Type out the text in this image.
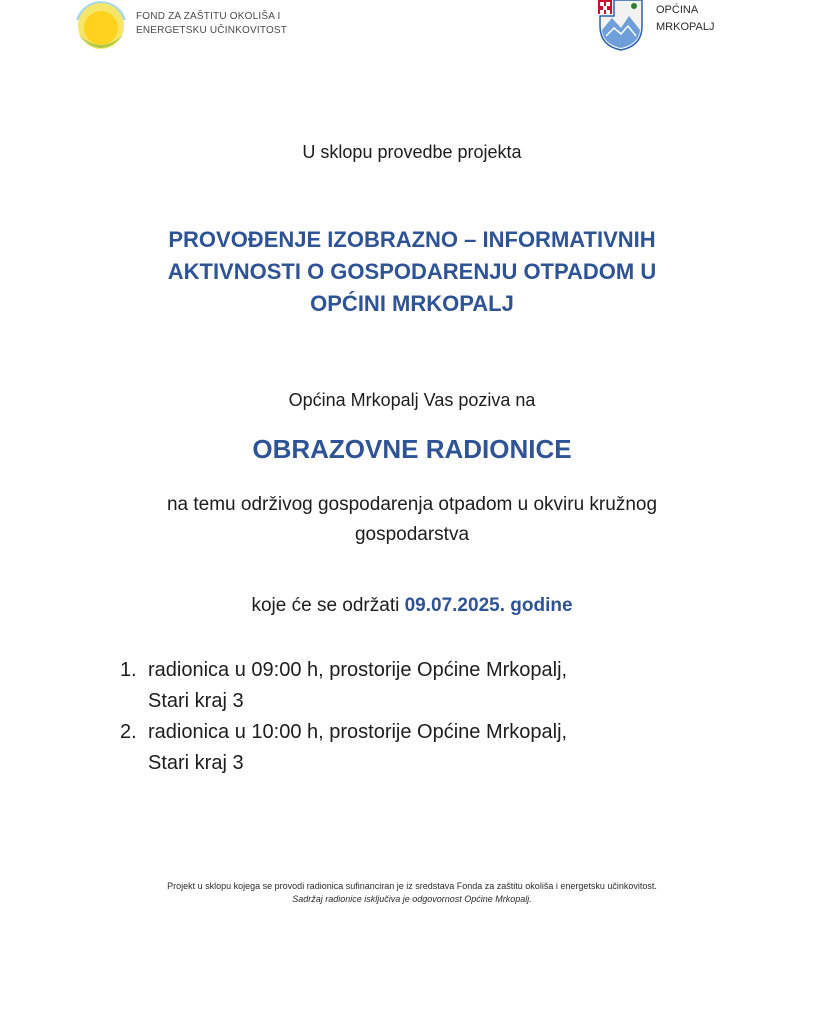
FOND ZA ZAŠTITU OKOLIŠA I
ENERGETSKU UČINKOVITOST
OPĆINA
MRKOPALJ
U sklopu provedbe projekta
PROVOĐENJE IZOBRAZNO – INFORMATIVNIH
AKTIVNOSTI O GOSPODARENJU OTPADOM U
OPĆINI MRKOPALJ
Općina Mrkopalj Vas poziva na
OBRAZOVNE RADIONICE
na temu održivog gospodarenja otpadom u okviru kružnog
gospodarstva
koje će se održati 09.07.2025. godine
1. radionica u 09:00 h, prostorije Općine Mrkopalj,
Stari kraj 3
2. radionica u 10:00 h, prostorije Općine Mrkopalj,
Stari kraj 3
Projekt u sklopu kojega se provodi radionica sufinanciran je iz sredstava Fonda za zaštitu okoliša i energetsku učinkovitost.
Sadržaj radionice isključiva je odgovornost Općine Mrkopalj.
